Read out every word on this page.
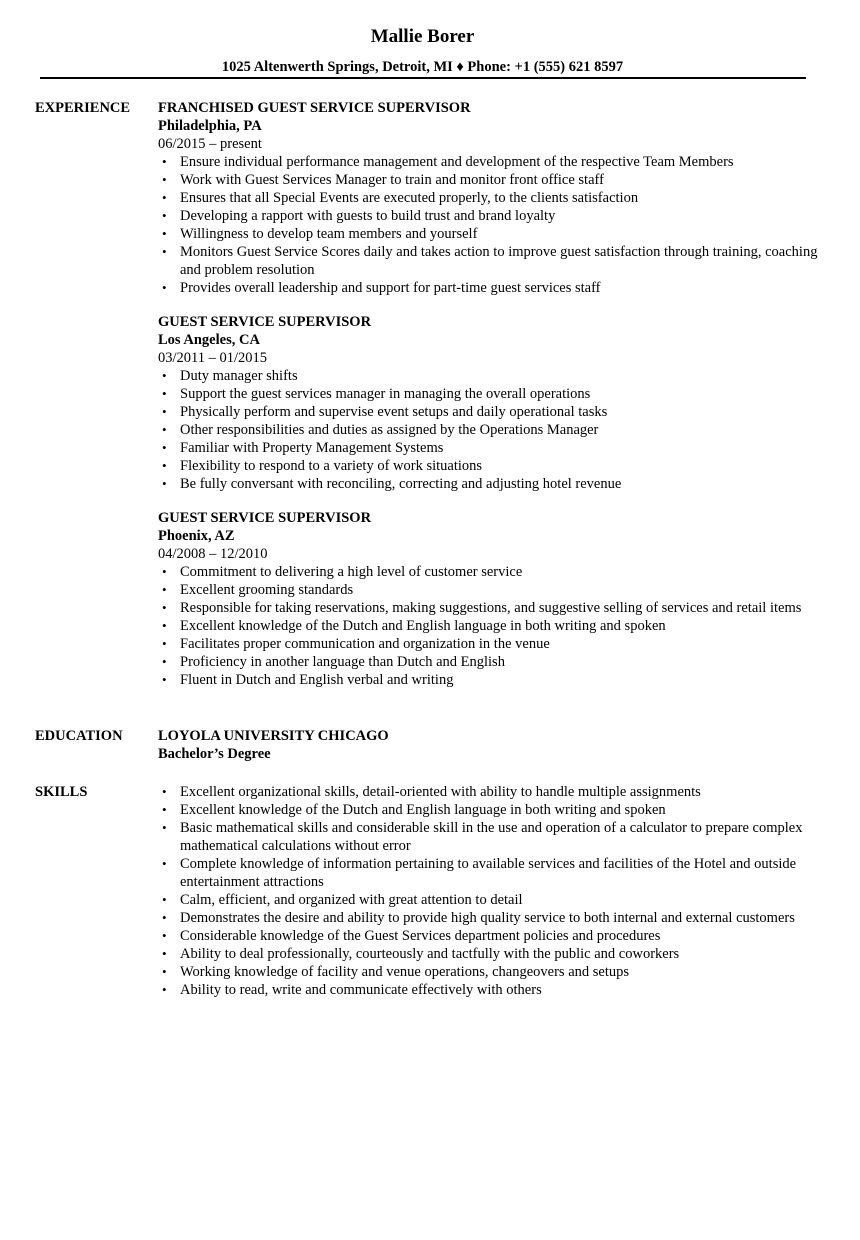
Mallie Borer
1025 Altenwerth Springs, Detroit, MI ♦ Phone: +1 (555) 621 8597
EXPERIENCE FRANCHISED GUEST SERVICE SUPERVISOR
Philadelphia, PA
06/2015 – present
• Ensure individual performance management and development of the respective Team Members
• Work with Guest Services Manager to train and monitor front office staff
• Ensures that all Special Events are executed properly, to the clients satisfaction
• Developing a rapport with guests to build trust and brand loyalty
• Willingness to develop team members and yourself
• Monitors Guest Service Scores daily and takes action to improve guest satisfaction through training, coaching and problem resolution
• Provides overall leadership and support for part-time guest services staff
GUEST SERVICE SUPERVISOR
Los Angeles, CA
03/2011 – 01/2015
• Duty manager shifts
• Support the guest services manager in managing the overall operations
• Physically perform and supervise event setups and daily operational tasks
• Other responsibilities and duties as assigned by the Operations Manager
• Familiar with Property Management Systems
• Flexibility to respond to a variety of work situations
• Be fully conversant with reconciling, correcting and adjusting hotel revenue
GUEST SERVICE SUPERVISOR
Phoenix, AZ
04/2008 – 12/2010
• Commitment to delivering a high level of customer service
• Excellent grooming standards
• Responsible for taking reservations, making suggestions, and suggestive selling of services and retail items
• Excellent knowledge of the Dutch and English language in both writing and spoken
• Facilitates proper communication and organization in the venue
• Proficiency in another language than Dutch and English
• Fluent in Dutch and English verbal and writing
EDUCATION LOYOLA UNIVERSITY CHICAGO
Bachelor’s Degree
SKILLS
•	Excellent organizational skills, detail-oriented with ability to handle multiple assignments
• Excellent knowledge of the Dutch and English language in both writing and spoken
• Basic mathematical skills and considerable skill in the use and operation of a calculator to prepare complex mathematical calculations without error
• Complete knowledge of information pertaining to available services and facilities of the Hotel and outside entertainment attractions
• Calm, efficient, and organized with great attention to detail
• Demonstrates the desire and ability to provide high quality service to both internal and external customers
• Considerable knowledge of the Guest Services department policies and procedures
• Ability to deal professionally, courteously and tactfully with the public and coworkers
• Working knowledge of facility and venue operations, changeovers and setups
• Ability to read, write and communicate effectively with others
